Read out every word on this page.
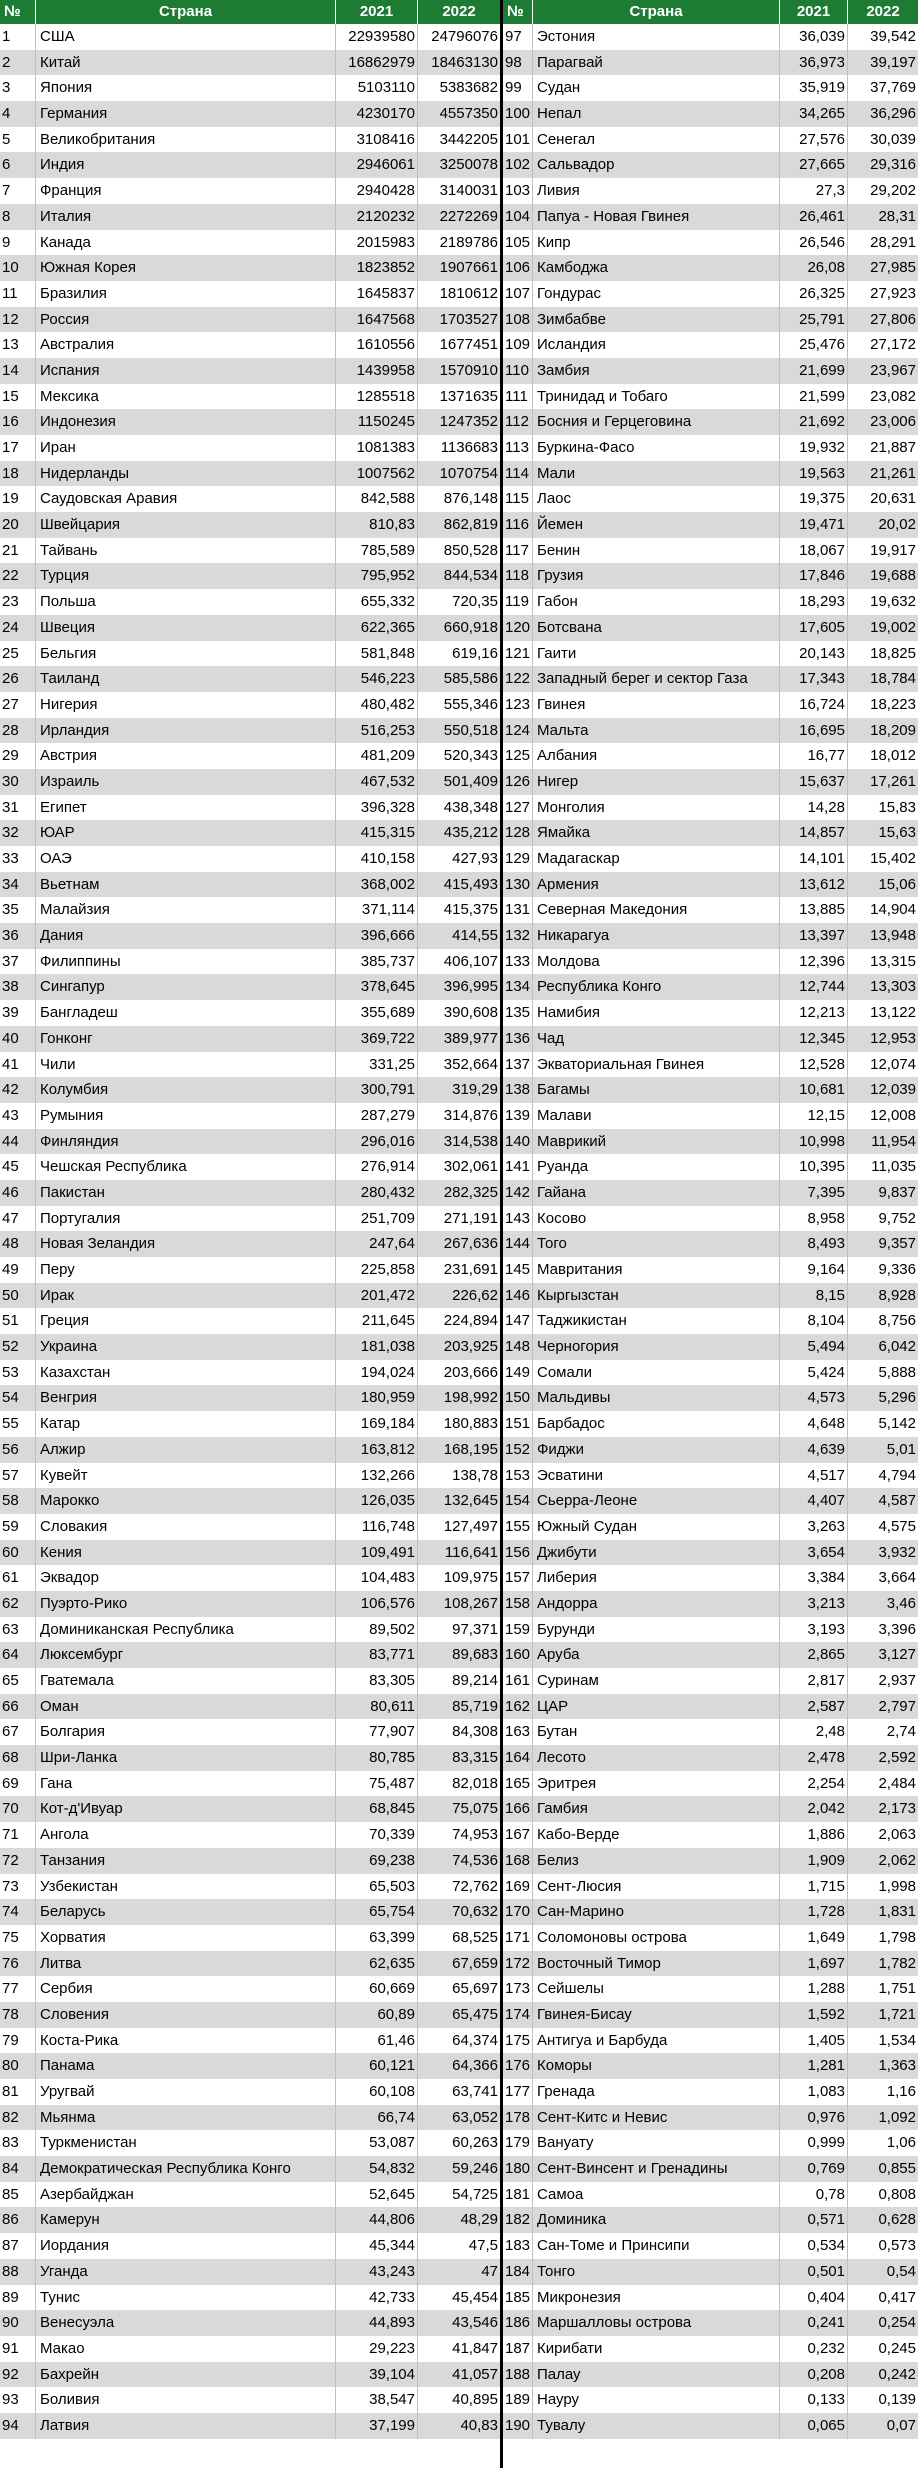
№	Страна	2021	2022
1	США	22939580	24796076
2	Китай	16862979	18463130
3	Япония	5103110	5383682
4	Германия	4230170	4557350
5	Великобритания	3108416	3442205
6	Индия	2946061	3250078
7	Франция	2940428	3140031
8	Италия	2120232	2272269
9	Канада	2015983	2189786
10	Южная Корея	1823852	1907661
11	Бразилия	1645837	1810612
12	Россия	1647568	1703527
13	Австралия	1610556	1677451
14	Испания	1439958	1570910
15	Мексика	1285518	1371635
16	Индонезия	1150245	1247352
17	Иран	1081383	1136683
18	Нидерланды	1007562	1070754
19	Саудовская Аравия	842,588	876,148
20	Швейцария	810,83	862,819
21	Тайвань	785,589	850,528
22	Турция	795,952	844,534
23	Польша	655,332	720,35
24	Швеция	622,365	660,918
25	Бельгия	581,848	619,16
26	Таиланд	546,223	585,586
27	Нигерия	480,482	555,346
28	Ирландия	516,253	550,518
29	Австрия	481,209	520,343
30	Израиль	467,532	501,409
31	Египет	396,328	438,348
32	ЮАР	415,315	435,212
33	ОАЭ	410,158	427,93
34	Вьетнам	368,002	415,493
35	Малайзия	371,114	415,375
36	Дания	396,666	414,55
37	Филиппины	385,737	406,107
38	Сингапур	378,645	396,995
39	Бангладеш	355,689	390,608
40	Гонконг	369,722	389,977
41	Чили	331,25	352,664
42	Колумбия	300,791	319,29
43	Румыния	287,279	314,876
44	Финляндия	296,016	314,538
45	Чешская Республика	276,914	302,061
46	Пакистан	280,432	282,325
47	Португалия	251,709	271,191
48	Новая Зеландия	247,64	267,636
49	Перу	225,858	231,691
50	Ирак	201,472	226,62
51	Греция	211,645	224,894
52	Украина	181,038	203,925
53	Казахстан	194,024	203,666
54	Венгрия	180,959	198,992
55	Катар	169,184	180,883
56	Алжир	163,812	168,195
57	Кувейт	132,266	138,78
58	Марокко	126,035	132,645
59	Словакия	116,748	127,497
60	Кения	109,491	116,641
61	Эквадор	104,483	109,975
62	Пуэрто-Рико	106,576	108,267
63	Доминиканская Республика	89,502	97,371
64	Люксембург	83,771	89,683
65	Гватемала	83,305	89,214
66	Оман	80,611	85,719
67	Болгария	77,907	84,308
68	Шри-Ланка	80,785	83,315
69	Гана	75,487	82,018
70	Кот-д'Ивуар	68,845	75,075
71	Ангола	70,339	74,953
72	Танзания	69,238	74,536
73	Узбекистан	65,503	72,762
74	Беларусь	65,754	70,632
75	Хорватия	63,399	68,525
76	Литва	62,635	67,659
77	Сербия	60,669	65,697
78	Словения	60,89	65,475
79	Коста-Рика	61,46	64,374
80	Панама	60,121	64,366
81	Уругвай	60,108	63,741
82	Мьянма	66,74	63,052
83	Туркменистан	53,087	60,263
84	Демократическая Республика Конго	54,832	59,246
85	Азербайджан	52,645	54,725
86	Камерун	44,806	48,29
87	Иордания	45,344	47,5
88	Уганда	43,243	47
89	Тунис	42,733	45,454
90	Венесуэла	44,893	43,546
91	Макао	29,223	41,847
92	Бахрейн	39,104	41,057
93	Боливия	38,547	40,895
94	Латвия	37,199	40,83
№	Страна	2021	2022
97	Эстония	36,039	39,542
98	Парагвай	36,973	39,197
99	Судан	35,919	37,769
100 Непал	34,265	36,296
101 Сенегал	27,576	30,039
102 Сальвадор	27,665	29,316
103 Ливия	27,3	29,202
104 Папуа - Новая Гвинея	26,461	28,31
105 Кипр	26,546	28,291
106 Камбоджа	26,08	27,985
107 Гондурас	26,325	27,923
108 Зимбабве	25,791	27,806
109 Исландия	25,476	27,172
110 Замбия	21,699	23,967
111 Тринидад и Тобаго	21,599	23,082
112 Босния и Герцеговина	21,692	23,006
113 Буркина-Фасо	19,932	21,887
114 Мали	19,563	21,261
115 Лаос	19,375	20,631
116 Йемен	19,471	20,02
117 Бенин	18,067	19,917
118 Грузия	17,846	19,688
119 Габон	18,293	19,632
120 Ботсвана	17,605	19,002
121 Гаити	20,143	18,825
122 Западный берег и сектор Газа	17,343	18,784
123 Гвинея	16,724	18,223
124 Мальта	16,695	18,209
125 Албания	16,77	18,012
126 Нигер	15,637	17,261
127 Монголия	14,28	15,83
128 Ямайка	14,857	15,63
129 Мадагаскар	14,101	15,402
130 Армения	13,612	15,06
131 Северная Македония	13,885	14,904
132 Никарагуа	13,397	13,948
133 Молдова	12,396	13,315
134 Республика Конго	12,744	13,303
135 Намибия	12,213	13,122
136 Чад	12,345	12,953
137 Экваториальная Гвинея	12,528	12,074
138 Багамы	10,681	12,039
139 Малави	12,15	12,008
140 Маврикий	10,998	11,954
141 Руанда	10,395	11,035
142 Гайана	7,395	9,837
143 Косово	8,958	9,752
144 Того	8,493	9,357
145 Мавритания	9,164	9,336
146 Кыргызстан	8,15	8,928
147 Таджикистан	8,104	8,756
148 Черногория	5,494	6,042
149 Сомали	5,424	5,888
150 Мальдивы	4,573	5,296
151 Барбадос	4,648	5,142
152 Фиджи	4,639	5,01
153 Эсватини	4,517	4,794
154 Сьерра-Леоне	4,407	4,587
155 Южный Судан	3,263	4,575
156 Джибути	3,654	3,932
157 Либерия	3,384	3,664
158 Андорра	3,213	3,46
159 Бурунди	3,193	3,396
160 Аруба	2,865	3,127
161 Суринам	2,817	2,937
162 ЦАР	2,587	2,797
163 Бутан	2,48	2,74
164 Лесото	2,478	2,592
165 Эритрея	2,254	2,484
166 Гамбия	2,042	2,173
167 Кабо-Верде	1,886	2,063
168 Белиз	1,909	2,062
169 Сент-Люсия	1,715	1,998
170 Сан-Марино	1,728	1,831
171 Соломоновы острова	1,649	1,798
172 Восточный Тимор	1,697	1,782
173 Сейшелы	1,288	1,751
174 Гвинея-Бисау	1,592	1,721
175 Антигуа и Барбуда	1,405	1,534
176 Коморы	1,281	1,363
177 Гренада	1,083	1,16
178 Сент-Китс и Невис	0,976	1,092
179 Вануату	0,999	1,06
180 Сент-Винсент и Гренадины	0,769	0,855
181 Самоа	0,78	0,808
182 Доминика	0,571	0,628
183 Сан-Томе и Принсипи	0,534	0,573
184 Тонго	0,501	0,54
185 Микронезия	0,404	0,417
186 Маршалловы острова	0,241	0,254
187 Кирибати	0,232	0,245
188 Палау	0,208	0,242
189 Науру	0,133	0,139
190 Тувалу	0,065	0,07
